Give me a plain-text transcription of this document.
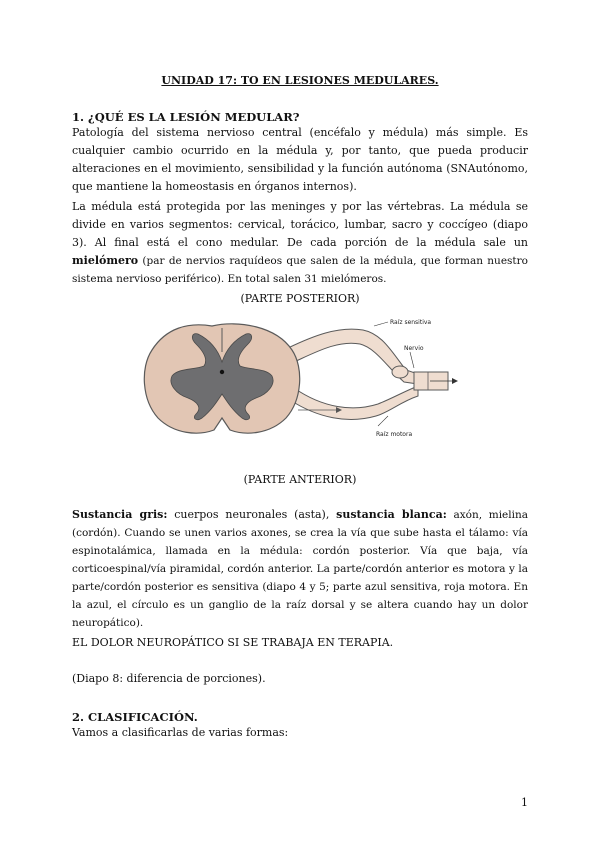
UNIDAD 17: TO EN LESIONES MEDULARES.
1. ¿QUÉ ES LA LESIÓN MEDULAR?
Patología del sistema nervioso central (encéfalo y médula) más simple. Es cualquier cambio ocurrido en la médula y, por tanto, que pueda producir alteraciones en el movimiento, sensibilidad y la función autónoma (SNAutónomo, que mantiene la homeostasis en órganos internos).
La médula está protegida por las meninges y por las vértebras. La médula se divide en varios segmentos: cervical, torácico, lumbar, sacro y coccígeo (diapo 3). Al final está el cono medular. De cada porción de la médula sale un mielómero (par de nervios raquídeos que salen de la médula, que forman nuestro sistema nervioso periférico). En total salen 31 mielómeros.
(PARTE POSTERIOR)
(PARTE ANTERIOR)
Sustancia gris: cuerpos neuronales (asta), sustancia blanca: axón, mielina (cordón). Cuando se unen varios axones, se crea la vía que sube hasta el tálamo: vía espinotalámica, llamada en la médula: cordón posterior. Vía que baja, vía corticoespinal/vía piramidal, cordón anterior. La parte/cordón anterior es motora y la parte/cordón posterior es sensitiva (diapo 4 y 5; parte azul sensitiva, roja motora. En la azul, el círculo es un ganglio de la raíz dorsal y se altera cuando hay un dolor neuropático).
EL DOLOR NEUROPÁTICO SI SE TRABAJA EN TERAPIA.
(Diapo 8: diferencia de porciones).
2. CLASIFICACIÓN.
Vamos a clasificarlas de varias formas:
Raíz sensitiva
Nervio
Raíz motora
1
